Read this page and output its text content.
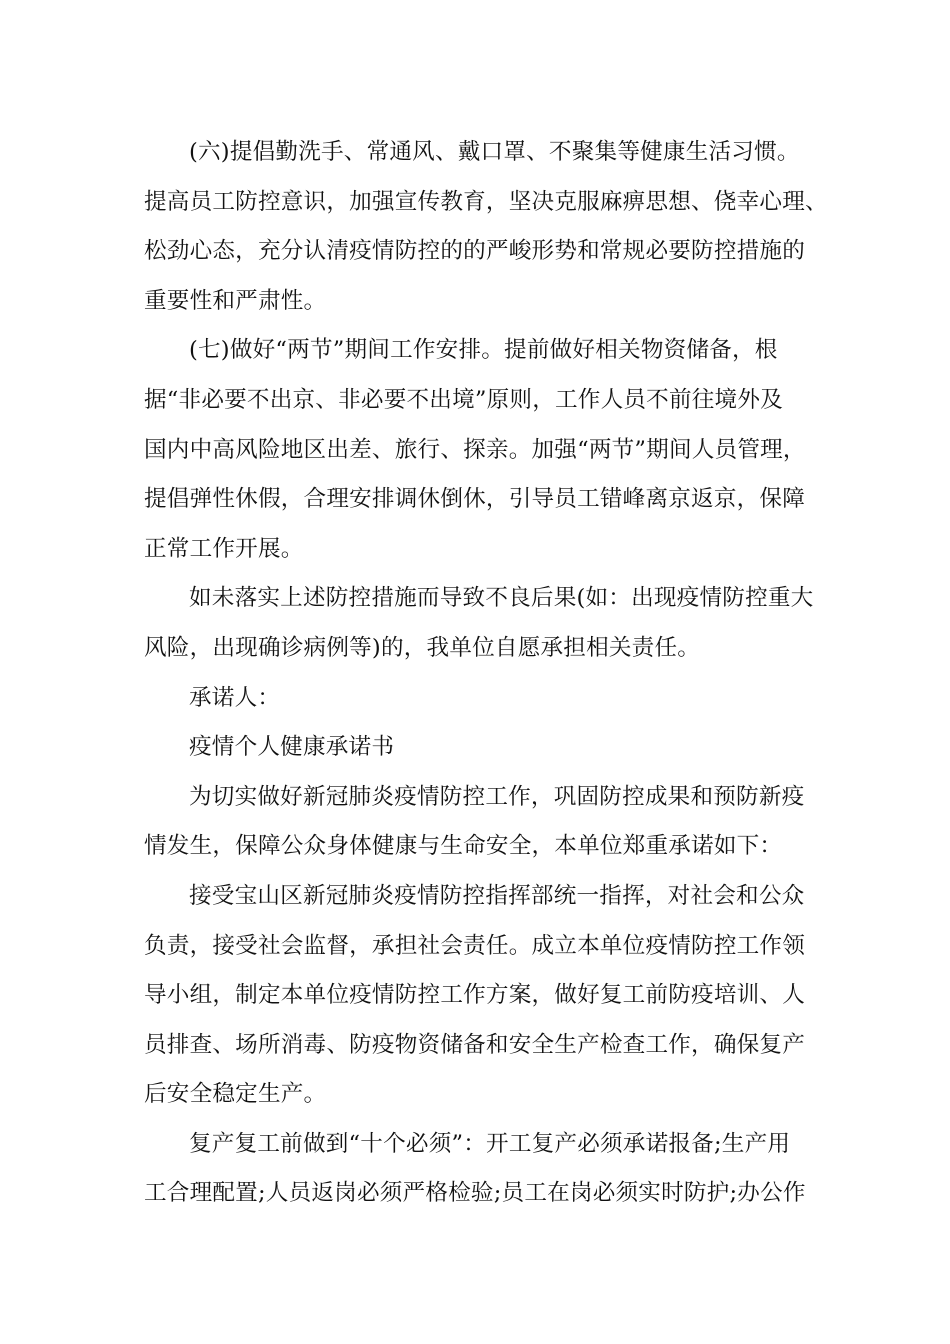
(六)提倡勤洗手、常通风、戴口罩、不聚集等健康生活习惯。
提高员工防控意识，加强宣传教育，坚决克服麻痹思想、侥幸心理、
松劲心态，充分认清疫情防控的的严峻形势和常规必要防控措施的
重要性和严肃性。
(七)做好“两节”期间工作安排。提前做好相关物资储备，根
据“非必要不出京、非必要不出境”原则，工作人员不前往境外及
国内中高风险地区出差、旅行、探亲。加强“两节”期间人员管理，
提倡弹性休假，合理安排调休倒休，引导员工错峰离京返京，保障
正常工作开展。
如未落实上述防控措施而导致不良后果(如：出现疫情防控重大
风险，出现确诊病例等)的，我单位自愿承担相关责任。
承诺人：
疫情个人健康承诺书
为切实做好新冠肺炎疫情防控工作，巩固防控成果和预防新疫
情发生，保障公众身体健康与生命安全，本单位郑重承诺如下：
接受宝山区新冠肺炎疫情防控指挥部统一指挥，对社会和公众
负责，接受社会监督，承担社会责任。成立本单位疫情防控工作领
导小组，制定本单位疫情防控工作方案，做好复工前防疫培训、人
员排查、场所消毒、防疫物资储备和安全生产检查工作，确保复产
后安全稳定生产。
复产复工前做到“十个必须”：开工复产必须承诺报备;生产用
工合理配置;人员返岗必须严格检验;员工在岗必须实时防护;办公作
